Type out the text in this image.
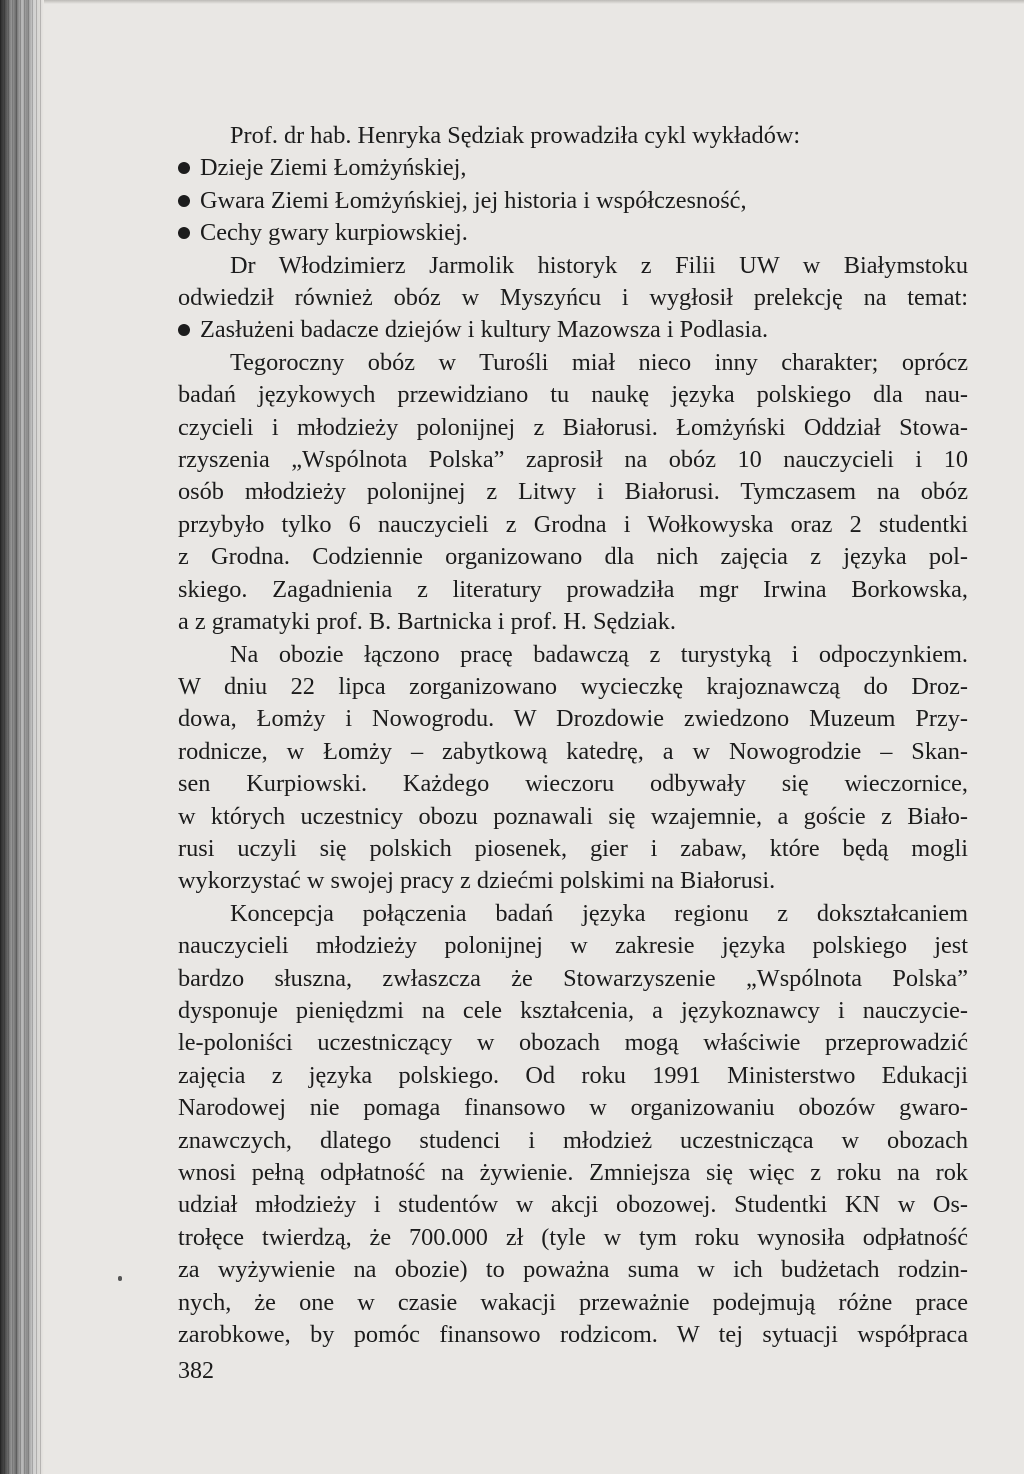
Prof. dr hab. Henryka Sędziak prowadziła cykl wykładów:

Dzieje Ziemi Łomżyńskiej,

Gwara Ziemi Łomżyńskiej, jej historia i współczesność,

Cechy gwary kurpiowskiej.

Dr Włodzimierz Jarmolik historyk z Filii UW w Białymstoku

odwiedził również obóz w Myszyńcu i wygłosił prelekcję na temat:

Zasłużeni badacze dziejów i kultury Mazowsza i Podlasia.

Tegoroczny obóz w Turośli miał nieco inny charakter; oprócz

badań językowych przewidziano tu naukę języka polskiego dla nau-

czycieli i młodzieży polonijnej z Białorusi. Łomżyński Oddział Stowa-

rzyszenia „Wspólnota Polska” zaprosił na obóz 10 nauczycieli i 10

osób młodzieży polonijnej z Litwy i Białorusi. Tymczasem na obóz

przybyło tylko 6 nauczycieli z Grodna i Wołkowyska oraz 2 studentki

z Grodna. Codziennie organizowano dla nich zajęcia z języka pol-

skiego. Zagadnienia z literatury prowadziła mgr Irwina Borkowska,

a z gramatyki prof. B. Bartnicka i prof. H. Sędziak.

Na obozie łączono pracę badawczą z turystyką i odpoczynkiem.

W dniu 22 lipca zorganizowano wycieczkę krajoznawczą do Droz-

dowa, Łomży i Nowogrodu. W Drozdowie zwiedzono Muzeum Przy-

rodnicze, w Łomży – zabytkową katedrę, a w Nowogrodzie – Skan-

sen Kurpiowski. Każdego wieczoru odbywały się wieczornice,

w których uczestnicy obozu poznawali się wzajemnie, a goście z Biało-

rusi uczyli się polskich piosenek, gier i zabaw, które będą mogli

wykorzystać w swojej pracy z dziećmi polskimi na Białorusi.

Koncepcja połączenia badań języka regionu z dokształcaniem

nauczycieli młodzieży polonijnej w zakresie języka polskiego jest

bardzo słuszna, zwłaszcza że Stowarzyszenie „Wspólnota Polska”

dysponuje pieniędzmi na cele kształcenia, a językoznawcy i nauczycie-

le-poloniści uczestniczący w obozach mogą właściwie przeprowadzić

zajęcia z języka polskiego. Od roku 1991 Ministerstwo Edukacji

Narodowej nie pomaga finansowo w organizowaniu obozów gwaro-

znawczych, dlatego studenci i młodzież uczestnicząca w obozach

wnosi pełną odpłatność na żywienie. Zmniejsza się więc z roku na rok

udział młodzieży i studentów w akcji obozowej. Studentki KN w Os-

trołęce twierdzą, że 700.000 zł (tyle w tym roku wynosiła odpłatność

za wyżywienie na obozie) to poważna suma w ich budżetach rodzin-

nych, że one w czasie wakacji przeważnie podejmują różne prace

zarobkowe, by pomóc finansowo rodzicom. W tej sytuacji współpraca

382
